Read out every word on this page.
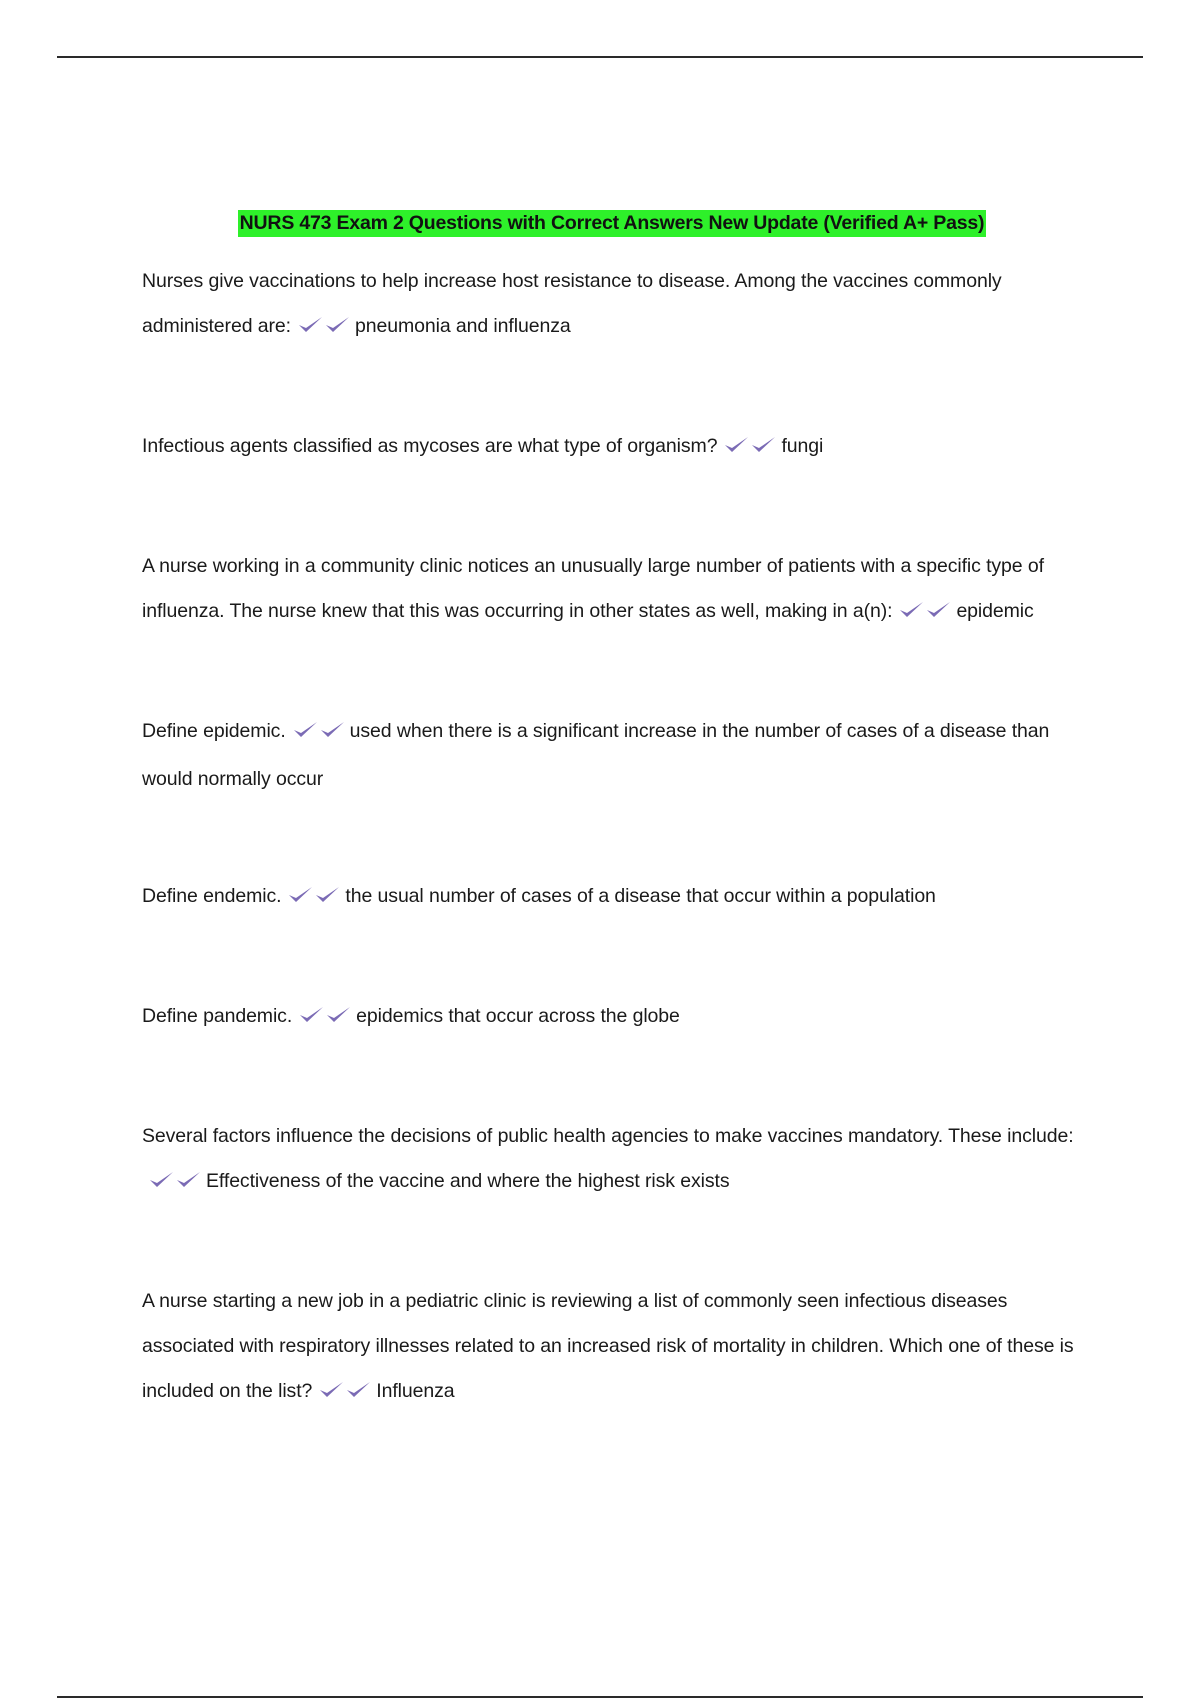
NURS 473 Exam 2 Questions with Correct Answers New Update (Verified A+ Pass)

Nurses give vaccinations to help increase host resistance to disease. Among the vaccines commonly administered are:	pneumonia and influenza

Infectious agents classified as mycoses are what type of organism?	fungi

A nurse working in a community clinic notices an unusually large number of patients with a specific type of influenza. The nurse knew that this was occurring in other states as well, making in a(n):	epidemic

Define epidemic.	used when there is a significant increase in the number of cases of a disease than would normally occur

Define endemic.	the usual number of cases of a disease that occur within a population

Define pandemic.	epidemics that occur across the globe

Several factors influence the decisions of public health agencies to make vaccines mandatory. These include:
Effectiveness of the vaccine and where the highest risk exists

A nurse starting a new job in a pediatric clinic is reviewing a list of commonly seen infectious diseases associated with respiratory illnesses related to an increased risk of mortality in children. Which one of these is included on the list?	Influenza
